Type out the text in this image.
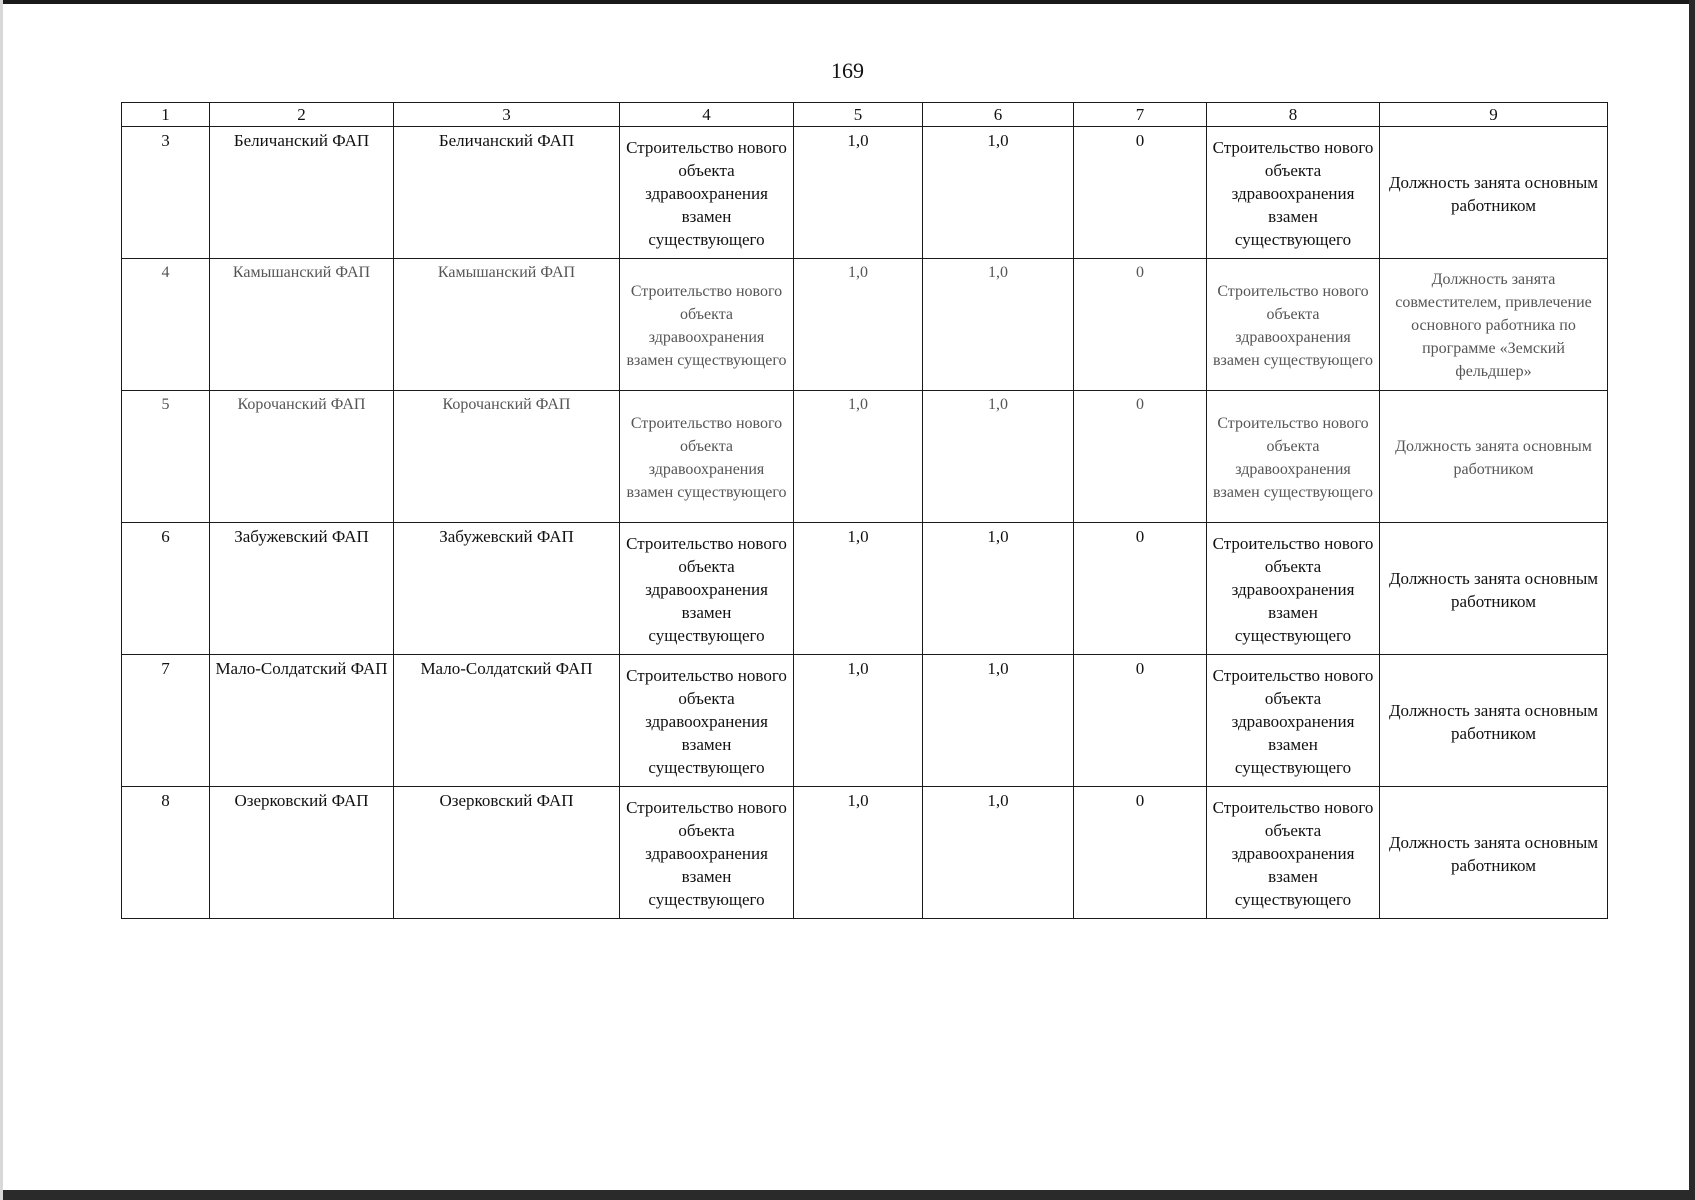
169
1	2	3	4	5	6	7	8	9
3	Беличанский ФАП	Беличанский ФАП	Строительство нового объекта здравоохранения взамен существующего	1,0	1,0	0	Строительство нового объекта здравоохранения взамен существующего	Должность занята основным работником
4	Камышанский ФАП	Камышанский ФАП	Строительство нового объекта здравоохранения взамен существующего	1,0	1,0	0	Строительство нового объекта здравоохранения взамен существующего	Должность занята совместителем, привлечение основного работника по программе «Земский фельдшер»
5	Корочанский ФАП	Корочанский ФАП	Строительство нового объекта здравоохранения взамен существующего	1,0	1,0	0	Строительство нового объекта здравоохранения взамен существующего	Должность занята основным работником
6	Забужевский ФАП	Забужевский ФАП	Строительство нового объекта здравоохранения взамен существующего	1,0	1,0	0	Строительство нового объекта здравоохранения взамен существующего	Должность занята основным работником
7	Мало-Солдатский ФАП	Мало-Солдатский ФАП	Строительство нового объекта здравоохранения взамен существующего	1,0	1,0	0	Строительство нового объекта здравоохранения взамен существующего	Должность занята основным работником
8	Озерковский ФАП	Озерковский ФАП	Строительство нового объекта здравоохранения взамен существующего	1,0	1,0	0	Строительство нового объекта здравоохранения взамен существующего	Должность занята основным работником
